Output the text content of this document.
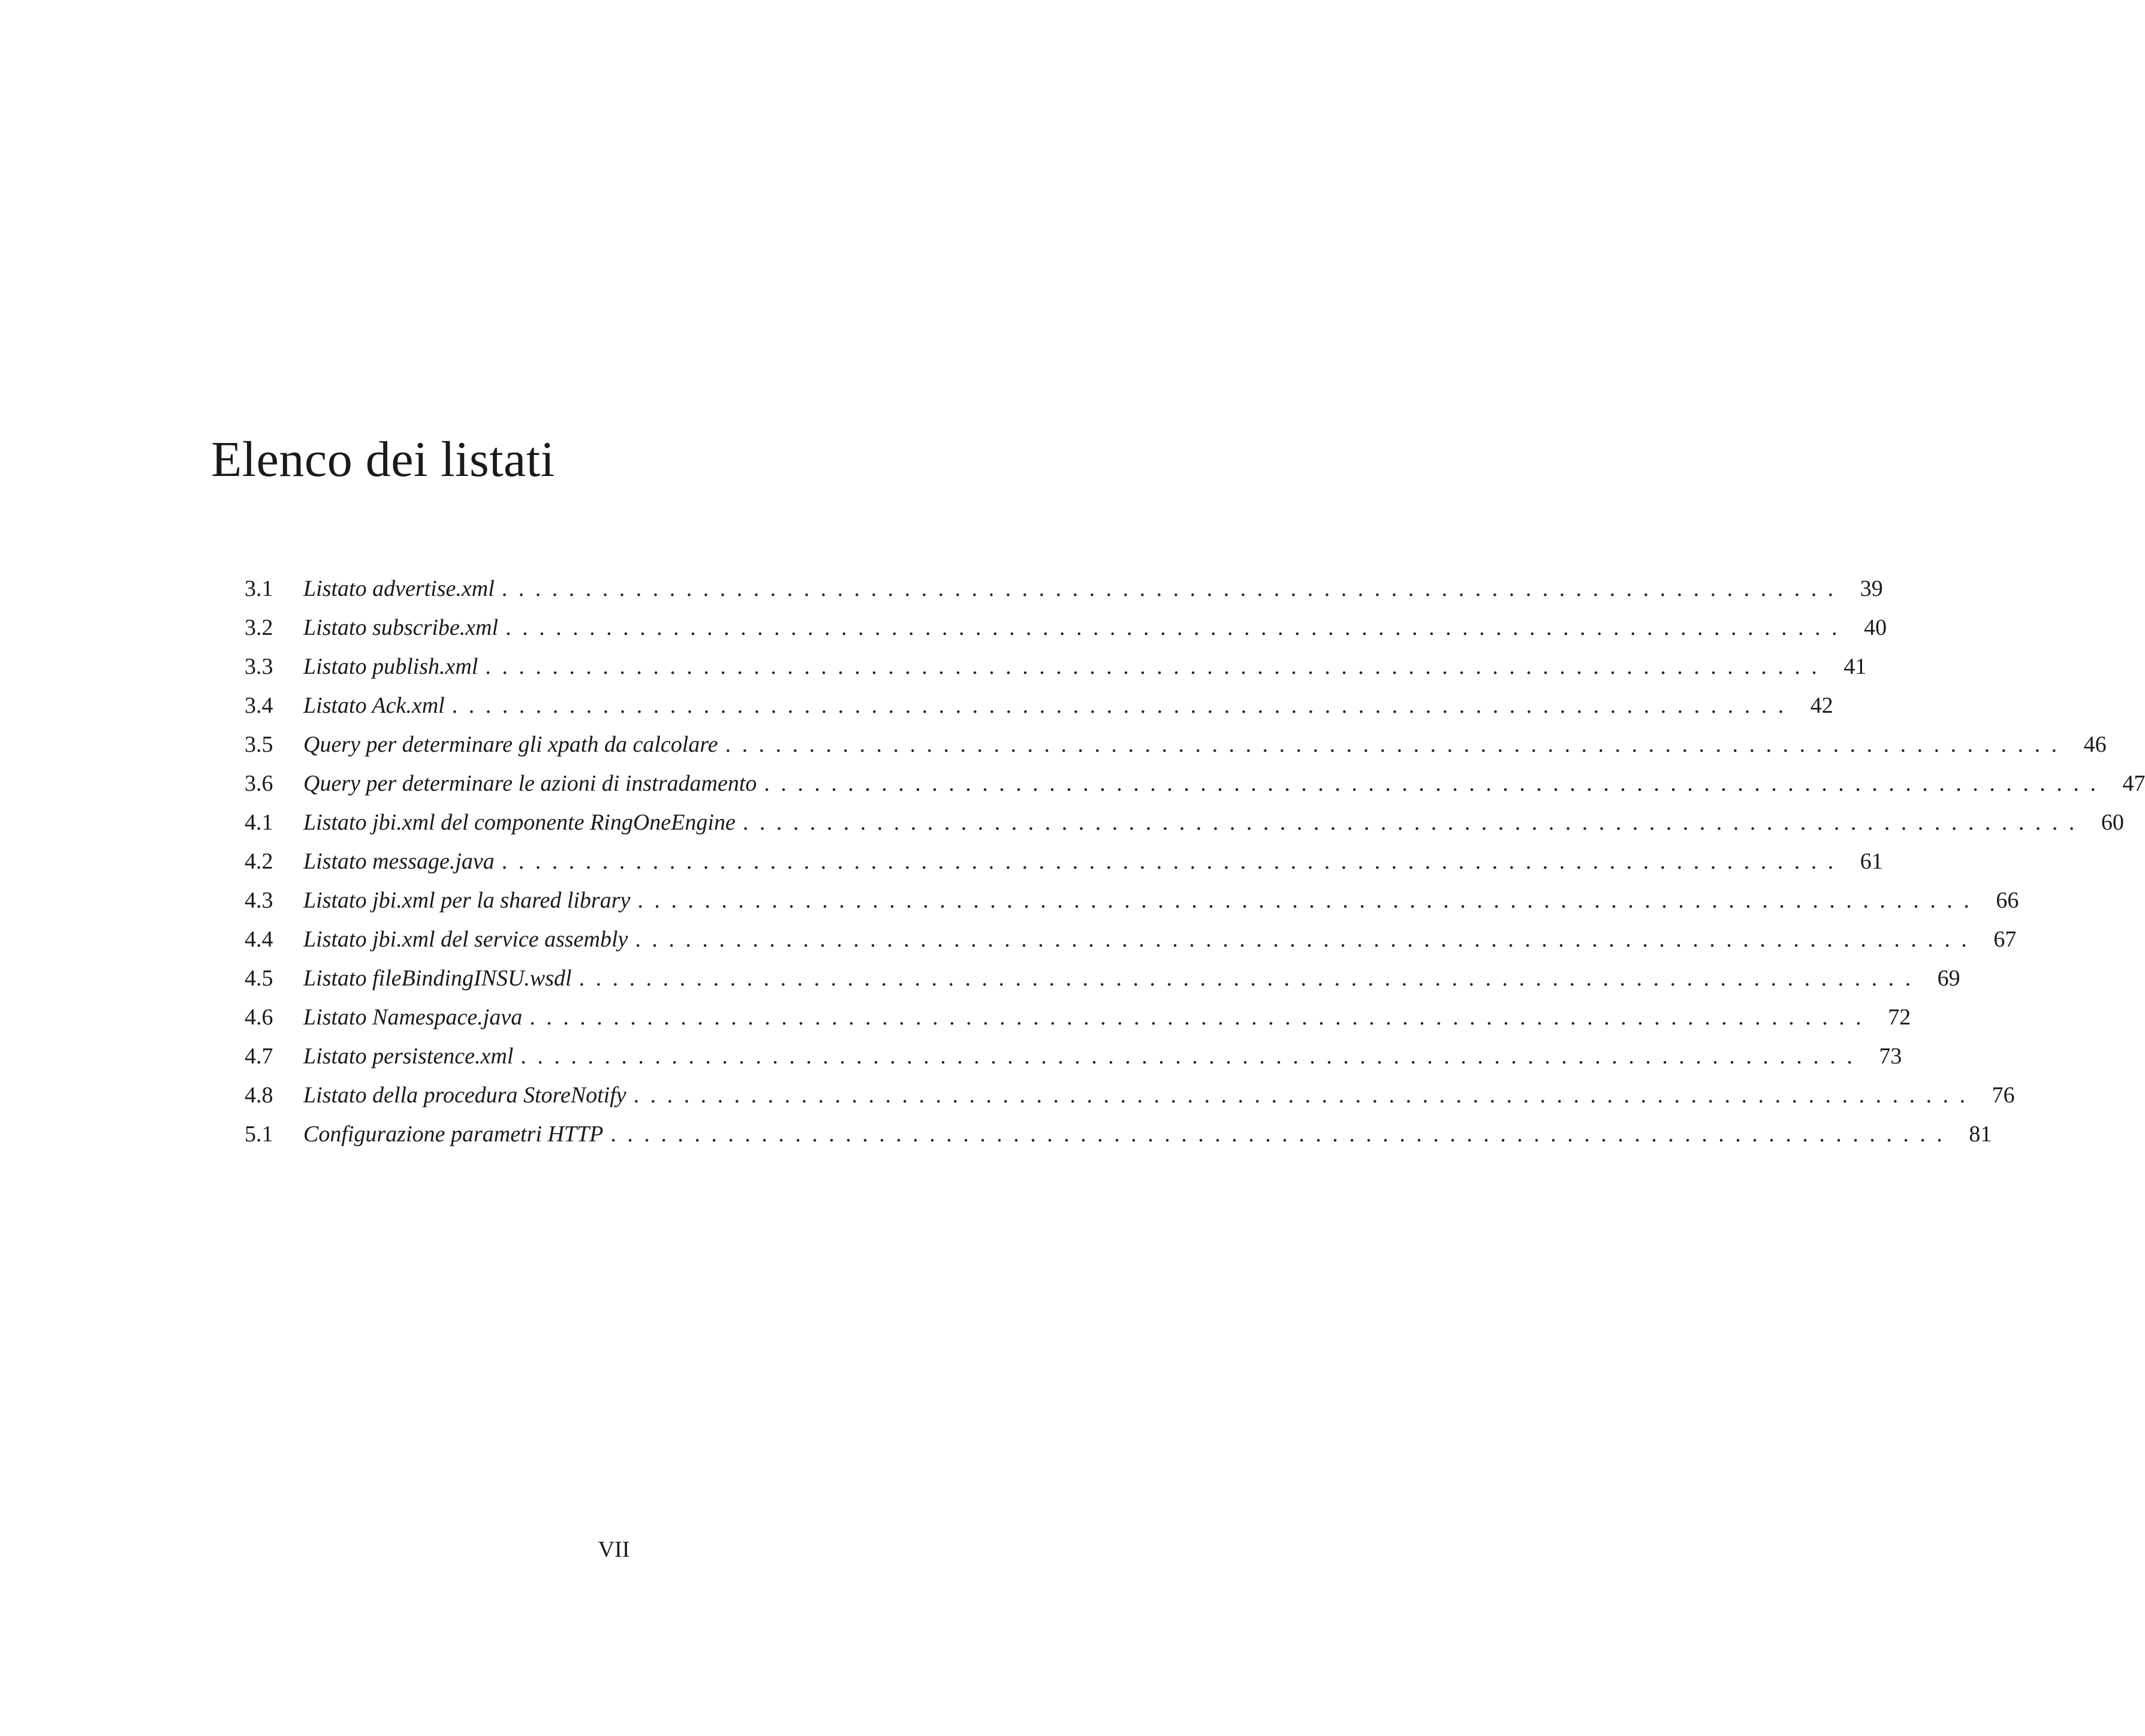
Elenco dei listati
3.1	Listato advertise.xml ................................................................................ 39
3.2	Listato subscribe.xml ................................................................................ 40
3.3	Listato publish.xml ................................................................................ 41
3.4	Listato Ack.xml ................................................................................ 42
3.5	Query per determinare gli xpath da calcolare ................................................................................ 46
3.6	Query per determinare le azioni di instradamento ................................................................................ 47
4.1	Listato jbi.xml del componente RingOneEngine ................................................................................ 60
4.2	Listato message.java ................................................................................ 61
4.3	Listato jbi.xml per la shared library ................................................................................ 66
4.4	Listato jbi.xml del service assembly ................................................................................ 67
4.5	Listato fileBindingINSU.wsdl ................................................................................ 69
4.6	Listato Namespace.java ................................................................................ 72
4.7	Listato persistence.xml ................................................................................ 73
4.8	Listato della procedura StoreNotify ................................................................................ 76
5.1	Configurazione parametri HTTP ................................................................................ 81
VII
